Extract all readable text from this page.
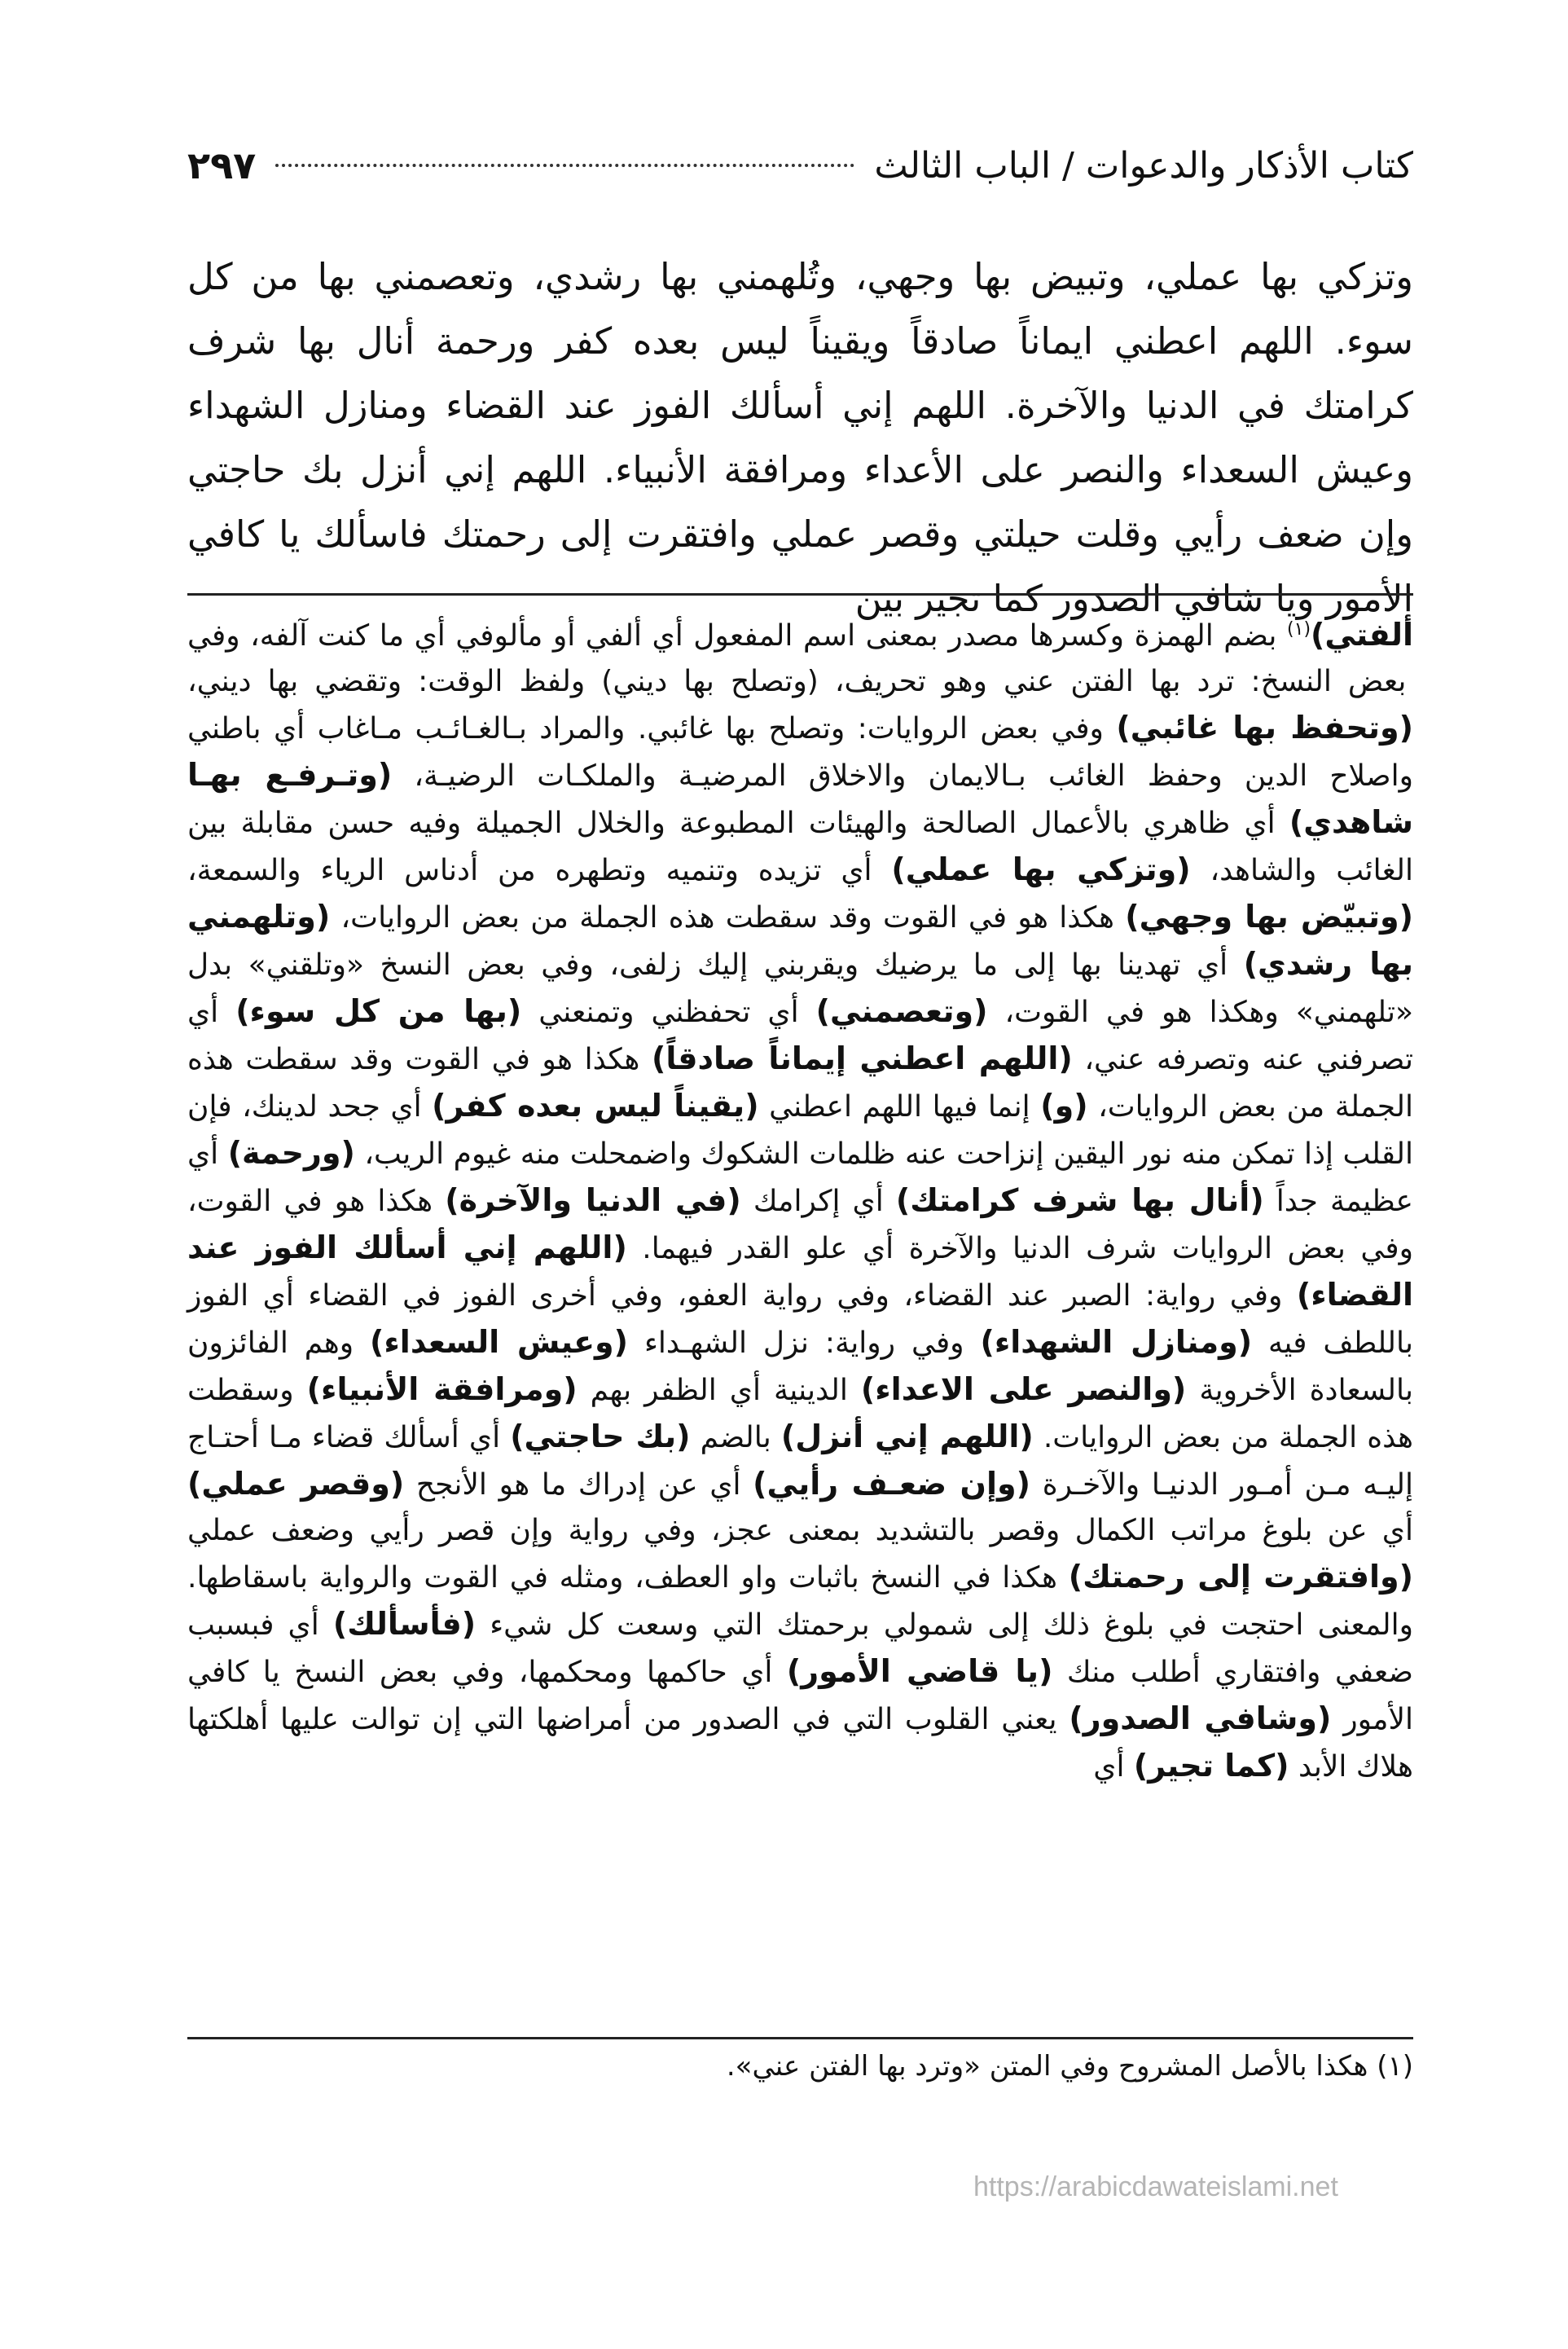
كتاب الأذكار والدعوات / الباب الثالث
٢٩٧

وتزكي بها عملي، وتبيض بها وجهي، وتُلهمني بها رشدي، وتعصمني بها من كل سوء. اللهم اعطني ايماناً صادقاً ويقيناً ليس بعده كفر ورحمة أنال بها شرف كرامتك في الدنيا والآخرة. اللهم إني أسألك الفوز عند القضاء ومنازل الشهداء وعيش السعداء والنصر على الأعداء ومرافقة الأنبياء. اللهم إني أنزل بك حاجتي وإن ضعف رأيي وقلت حيلتي وقصر عملي وافتقرت إلى رحمتك فاسألك يا كافي الأمور ويا شافي الصدور كما تجير بين

ألفتي)$^{(١)}$ بضم الهمزة وكسرها مصدر بمعنى اسم المفعول أي ألفي أو مألوفي أي ما كنت آلفه، وفي بعض النسخ: ترد بها الفتن عني وهو تحريف، (وتصلح بها ديني) ولفظ الوقت: وتقضي بها ديني، (وتحفظ بها غائبي) وفي بعض الروايات: وتصلح بها غائبي. والمراد بـالغـائـب مـاغاب أي باطني واصلاح الدين وحفظ الغائب بـالايمان والاخلاق المرضيـة والملكـات الرضيـة، (وتـرفـع بهـا شاهدي) أي ظاهري بالأعمال الصالحة والهيئات المطبوعة والخلال الجميلة وفيه حسن مقابلة بين الغائب والشاهد، (وتزكي بها عملي) أي تزيده وتنميه وتطهره من أدناس الرياء والسمعة، (وتبيّض بها وجهي) هكذا هو في القوت وقد سقطت هذه الجملة من بعض الروايات، (وتلهمني بها رشدي) أي تهدينا بها إلى ما يرضيك ويقربني إليك زلفى، وفي بعض النسخ «وتلقني» بدل «تلهمني» وهكذا هو في القوت، (وتعصمني) أي تحفظني وتمنعني (بها من كل سوء) أي تصرفني عنه وتصرفه عني، (اللهم اعطني إيماناً صادقاً) هكذا هو في القوت وقد سقطت هذه الجملة من بعض الروايات، (و) إنما فيها اللهم اعطني (يقيناً ليس بعده كفر) أي جحد لدينك، فإن القلب إذا تمكن منه نور اليقين إنزاحت عنه ظلمات الشكوك واضمحلت منه غيوم الريب، (ورحمة) أي عظيمة جداً (أنال بها شرف كرامتك) أي إكرامك (في الدنيا والآخرة) هكذا هو في القوت، وفي بعض الروايات شرف الدنيا والآخرة أي علو القدر فيهما. (اللهم إني أسألك الفوز عند القضاء) وفي رواية: الصبر عند القضاء، وفي رواية العفو، وفي أخرى الفوز في القضاء أي الفوز باللطف فيه (ومنازل الشهداء) وفي رواية: نزل الشهـداء (وعيش السعداء) وهم الفائزون بالسعادة الأخروية (والنصر على الاعداء) الدينية أي الظفر بهم (ومرافقة الأنبياء) وسقطت هذه الجملة من بعض الروايات. (اللهم إني أنزل) بالضم (بك حاجتي) أي أسألك قضاء مـا أحتـاج إليـه مـن أمـور الدنيـا والآخـرة (وإن ضعـف رأيي) أي عن إدراك ما هو الأنجح (وقصر عملي) أي عن بلوغ مراتب الكمال وقصر بالتشديد بمعنى عجز، وفي رواية وإن قصر رأيي وضعف عملي (وافتقرت إلى رحمتك) هكذا في النسخ باثبات واو العطف، ومثله في القوت والرواية باسقاطها. والمعنى احتجت في بلوغ ذلك إلى شمولي برحمتك التي وسعت كل شيء (فأسألك) أي فبسبب ضعفي وافتقاري أطلب منك (يا قاضي الأمور) أي حاكمها ومحكمها، وفي بعض النسخ يا كافي الأمور (وشافي الصدور) يعني القلوب التي في الصدور من أمراضها التي إن توالت عليها أهلكتها هلاك الأبد (كما تجير) أي

(١) هكذا بالأصل المشروح وفي المتن «وترد بها الفتن عني».

https://arabicdawateislami.net
